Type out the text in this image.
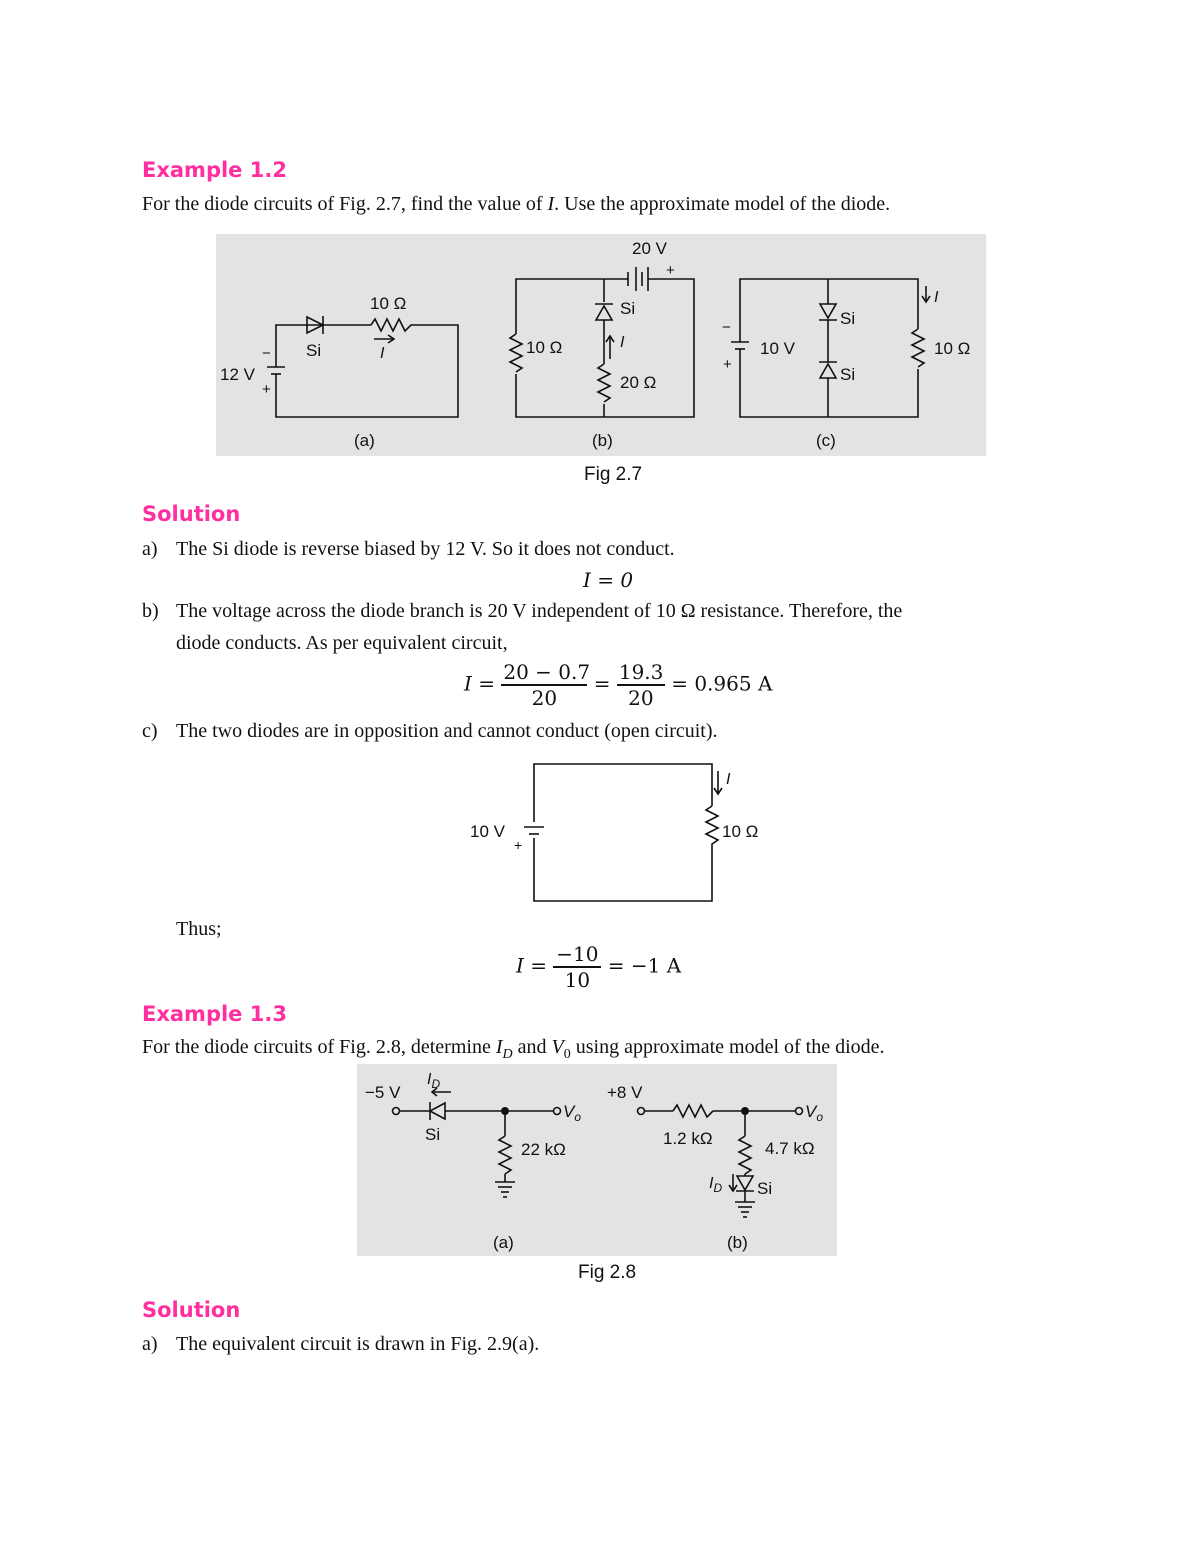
Example 1.2
For the diode circuits of Fig. 2.7, find the value of I. Use the approximate model of the diode.
12 V
−
+
10 Ω
Si	I
(a)
20 V
+
10 Ω
Si
I
20 Ω
(b)
−
+
10 V
Si
Si
10 Ω
I
(c)
Fig 2.7
Solution
a) The Si diode is reverse biased by 12 V. So it does not conduct.
I = 0
b) The voltage across the diode branch is 20 V independent of 10 Ω resistance. Therefore, the
diode conducts. As per equivalent circuit,
$I = \frac{20 - 0.7}{20} = \frac{19.3}{20} = 0.965$ A
c) The two diodes are in opposition and cannot conduct (open circuit).
10 V
+
10 Ω
I
Thus;
$I = \frac{-10}{10} = -1$ A
Example 1.3
For the diode circuits of Fig. 2.8, determine $I_D$ and $V_0$ using approximate model of the diode.
−5 V
$I_D$
Si
22 kΩ
$V_o$
(a)
+8 V
1.2 kΩ
4.7 kΩ
$I_D$ Si
$V_o$
(b)
Fig 2.8
Solution
a) The equivalent circuit is drawn in Fig. 2.9(a).
